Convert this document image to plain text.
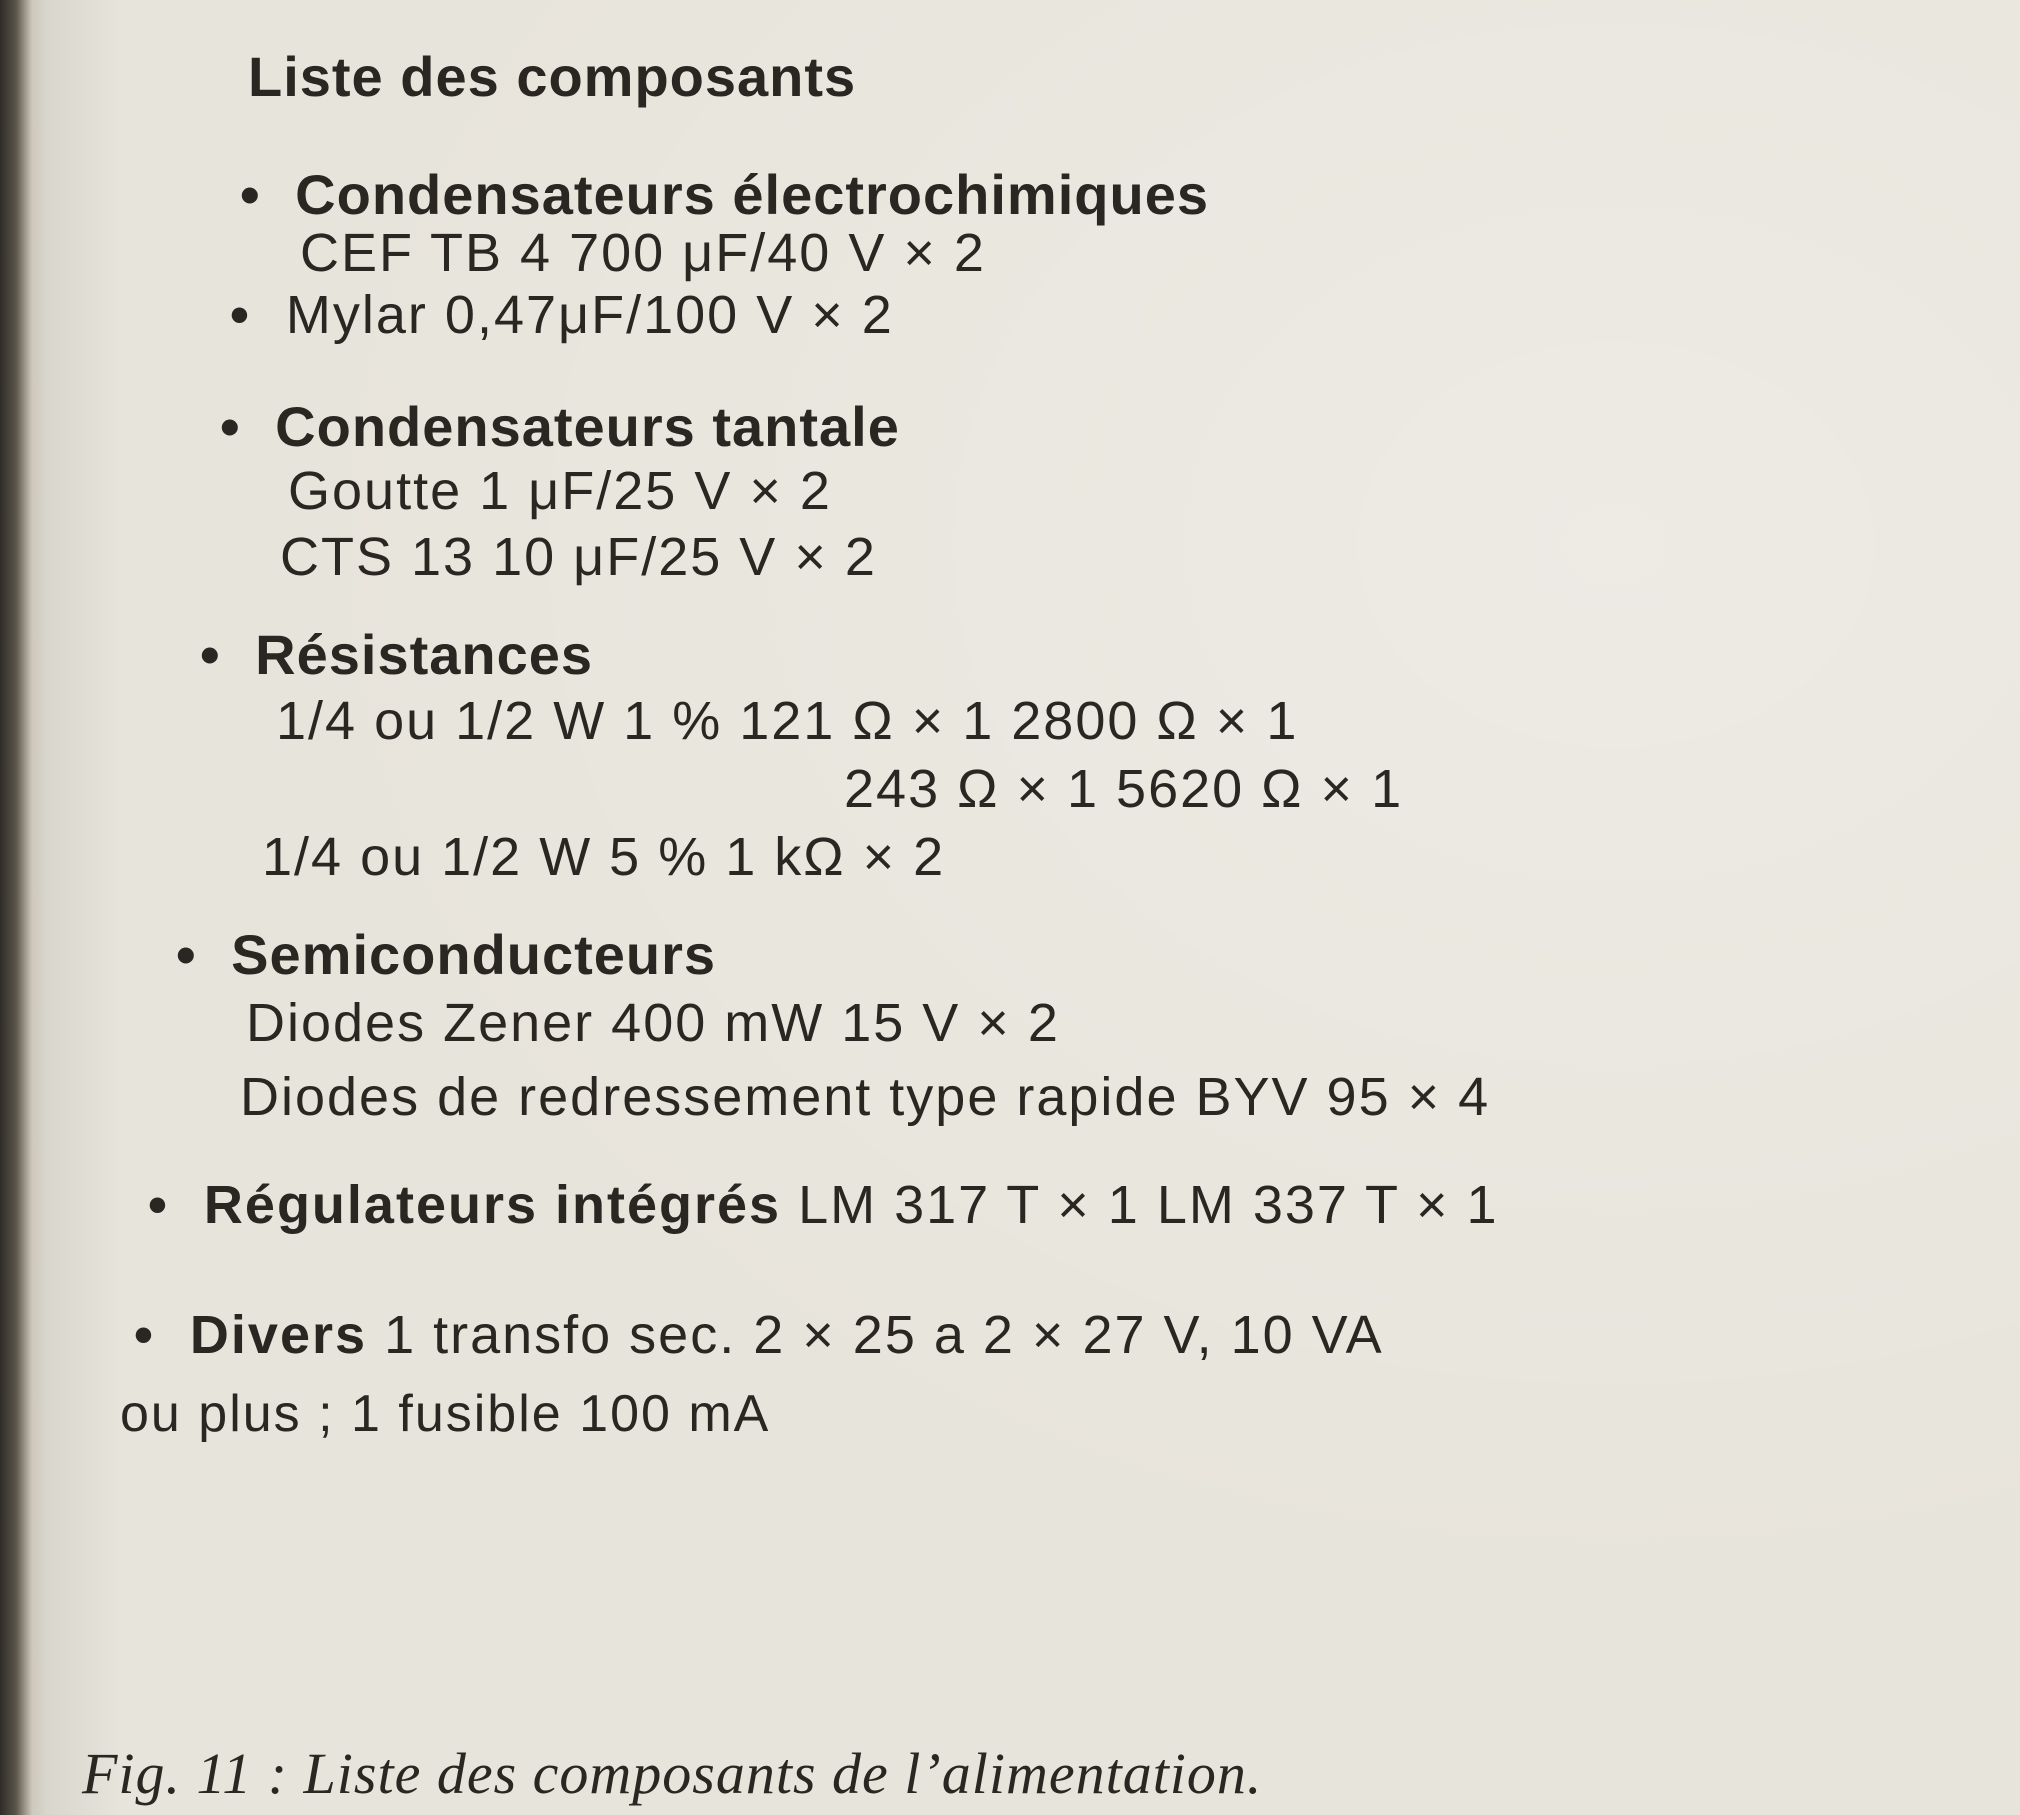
Liste des composants
• Condensateurs électrochimiques
CEF TB 4 700 μF/40 V × 2
• Mylar 0,47μF/100 V × 2
• Condensateurs tantale
Goutte 1 μF/25 V × 2
CTS 13 10 μF/25 V × 2
• Résistances
1/4 ou 1/2 W 1 % 121 Ω × 1 2800 Ω × 1
243 Ω × 1 5620 Ω × 1
1/4 ou 1/2 W 5 % 1 kΩ × 2
• Semiconducteurs
Diodes Zener 400 mW 15 V × 2
Diodes de redressement type rapide BYV 95 × 4
• Régulateurs intégrés LM 317 T × 1 LM 337 T × 1
• Divers 1 transfo sec. 2 × 25 a 2 × 27 V, 10 VA
ou plus ; 1 fusible 100 mA
Fig. 11 : Liste des composants de l’alimentation.
